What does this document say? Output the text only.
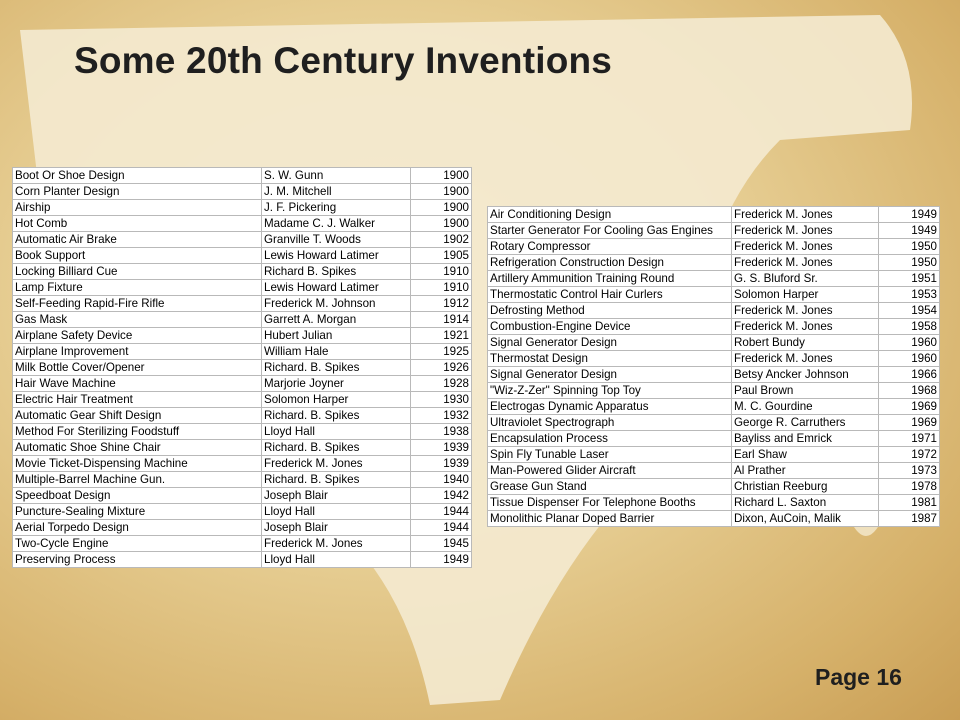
Some 20th Century Inventions
Boot Or Shoe Design	S. W. Gunn	1900
Corn Planter Design	J. M. Mitchell	1900
Airship	J. F. Pickering	1900
Hot Comb	Madame C. J. Walker	1900
Automatic Air Brake	Granville T. Woods	1902
Book Support	Lewis Howard Latimer	1905
Locking Billiard Cue	Richard B. Spikes	1910
Lamp Fixture	Lewis Howard Latimer	1910
Self-Feeding Rapid-Fire Rifle	Frederick M. Johnson	1912
Gas Mask	Garrett A. Morgan	1914
Airplane Safety Device	Hubert Julian	1921
Airplane Improvement	William Hale	1925
Milk Bottle Cover/Opener	Richard. B. Spikes	1926
Hair Wave Machine	Marjorie Joyner	1928
Electric Hair Treatment	Solomon Harper	1930
Automatic Gear Shift Design	Richard. B. Spikes	1932
Method For Sterilizing Foodstuff	Lloyd Hall	1938
Automatic Shoe Shine Chair	Richard. B. Spikes	1939
Movie Ticket-Dispensing Machine	Frederick M. Jones	1939
Multiple-Barrel Machine Gun.	Richard. B. Spikes	1940
Speedboat Design	Joseph Blair	1942
Puncture-Sealing Mixture	Lloyd Hall	1944
Aerial Torpedo Design	Joseph Blair	1944
Two-Cycle Engine	Frederick M. Jones	1945
Preserving Process	Lloyd Hall	1949
Air Conditioning Design	Frederick M. Jones	1949
Starter Generator For Cooling Gas Engines	Frederick M. Jones	1949
Rotary Compressor	Frederick M. Jones	1950
Refrigeration Construction Design	Frederick M. Jones	1950
Artillery Ammunition Training Round	G. S. Bluford Sr.	1951
Thermostatic Control Hair Curlers	Solomon Harper	1953
Defrosting Method	Frederick M. Jones	1954
Combustion-Engine Device	Frederick M. Jones	1958
Signal Generator Design	Robert Bundy	1960
Thermostat Design	Frederick M. Jones	1960
Signal Generator Design	Betsy Ancker Johnson	1966
"Wiz-Z-Zer" Spinning Top Toy	Paul Brown	1968
Electrogas Dynamic Apparatus	M. C. Gourdine	1969
Ultraviolet Spectrograph	George R. Carruthers	1969
Encapsulation Process	Bayliss and Emrick	1971
Spin Fly Tunable Laser	Earl Shaw	1972
Man-Powered Glider Aircraft	Al Prather	1973
Grease Gun Stand	Christian Reeburg	1978
Tissue Dispenser For Telephone Booths	Richard L. Saxton	1981
Monolithic Planar Doped Barrier	Dixon, AuCoin, Malik	1987
Page 16
